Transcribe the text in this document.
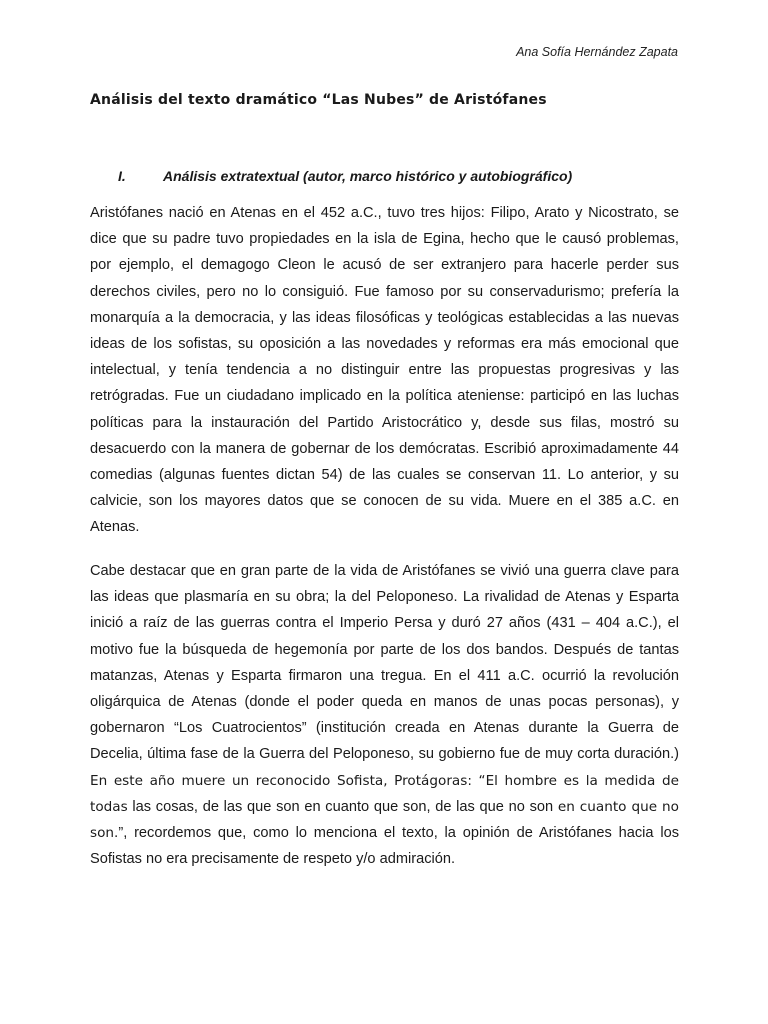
Ana Sofía Hernández Zapata
Análisis del texto dramático “Las Nubes” de Aristófanes
I.	Análisis extratextual (autor, marco histórico y autobiográfico)

Aristófanes nació en Atenas en el 452 a.C., tuvo tres hijos: Filipo, Arato y Nicostrato, se dice que su padre tuvo propiedades en la isla de Egina, hecho que le causó problemas, por ejemplo, el demagogo Cleon le acusó de ser extranjero para hacerle perder sus derechos civiles, pero no lo consiguió. Fue famoso por su conservadurismo; prefería la monarquía a la democracia, y las ideas filosóficas y teológicas establecidas a las nuevas ideas de los sofistas, su oposición a las novedades y reformas era más emocional que intelectual, y tenía tendencia a no distinguir entre las propuestas progresivas y las retrógradas. Fue un ciudadano implicado en la política ateniense: participó en las luchas políticas para la instauración del Partido Aristocrático y, desde sus filas, mostró su desacuerdo con la manera de gobernar de los demócratas. Escribió aproximadamente 44 comedias (algunas fuentes dictan 54) de las cuales se conservan 11. Lo anterior, y su calvicie, son los mayores datos que se conocen de su vida. Muere en el 385 a.C. en Atenas.

Cabe destacar que en gran parte de la vida de Aristófanes se vivió una guerra clave para las ideas que plasmaría en su obra; la del Peloponeso. La rivalidad de Atenas y Esparta inició a raíz de las guerras contra el Imperio Persa y duró 27 años (431 – 404 a.C.), el motivo fue la búsqueda de hegemonía por parte de los dos bandos. Después de tantas matanzas, Atenas y Esparta firmaron una tregua. En el 411 a.C. ocurrió la revolución oligárquica de Atenas (donde el poder queda en manos de unas pocas personas), y gobernaron “Los Cuatrocientos” (institución creada en Atenas durante la Guerra de Decelia, última fase de la Guerra del Peloponeso, su gobierno fue de muy corta duración.) En este año muere un reconocido Sofista, Protágoras: “El hombre es la medida de todas las cosas, de las que son en cuanto que son, de las que no son en cuanto que no son.”, recordemos que, como lo menciona el texto, la opinión de Aristófanes hacia los Sofistas no era precisamente de respeto y/o admiración.
